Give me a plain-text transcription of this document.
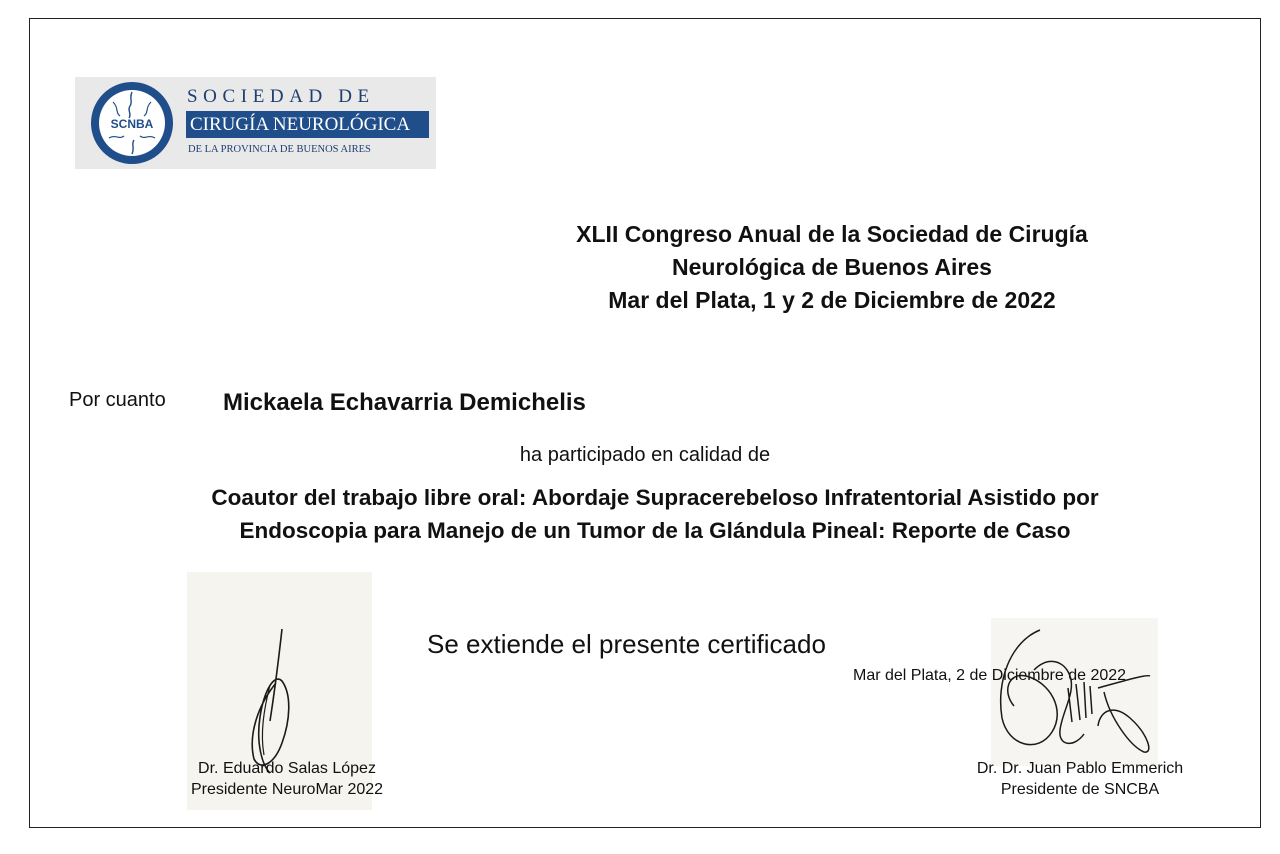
SCNBA
SOCIEDAD DE
CIRUGÍA NEUROLÓGICA
DE LA PROVINCIA DE BUENOS AIRES
XLII Congreso Anual de la Sociedad de Cirugía
Neurológica de Buenos Aires
Mar del Plata, 1 y 2 de Diciembre de 2022
Por cuanto Mickaela Echavarria Demichelis
ha participado en calidad de
Coautor del trabajo libre oral: Abordaje Supracerebeloso Infratentorial Asistido por
Endoscopia para Manejo de un Tumor de la Glándula Pineal: Reporte de Caso
Se extiende el presente certificado
Mar del Plata, 2 de Diciembre de 2022
Dr. Eduardo Salas López
Presidente NeuroMar 2022
Dr. Dr. Juan Pablo Emmerich
Presidente de SNCBA
